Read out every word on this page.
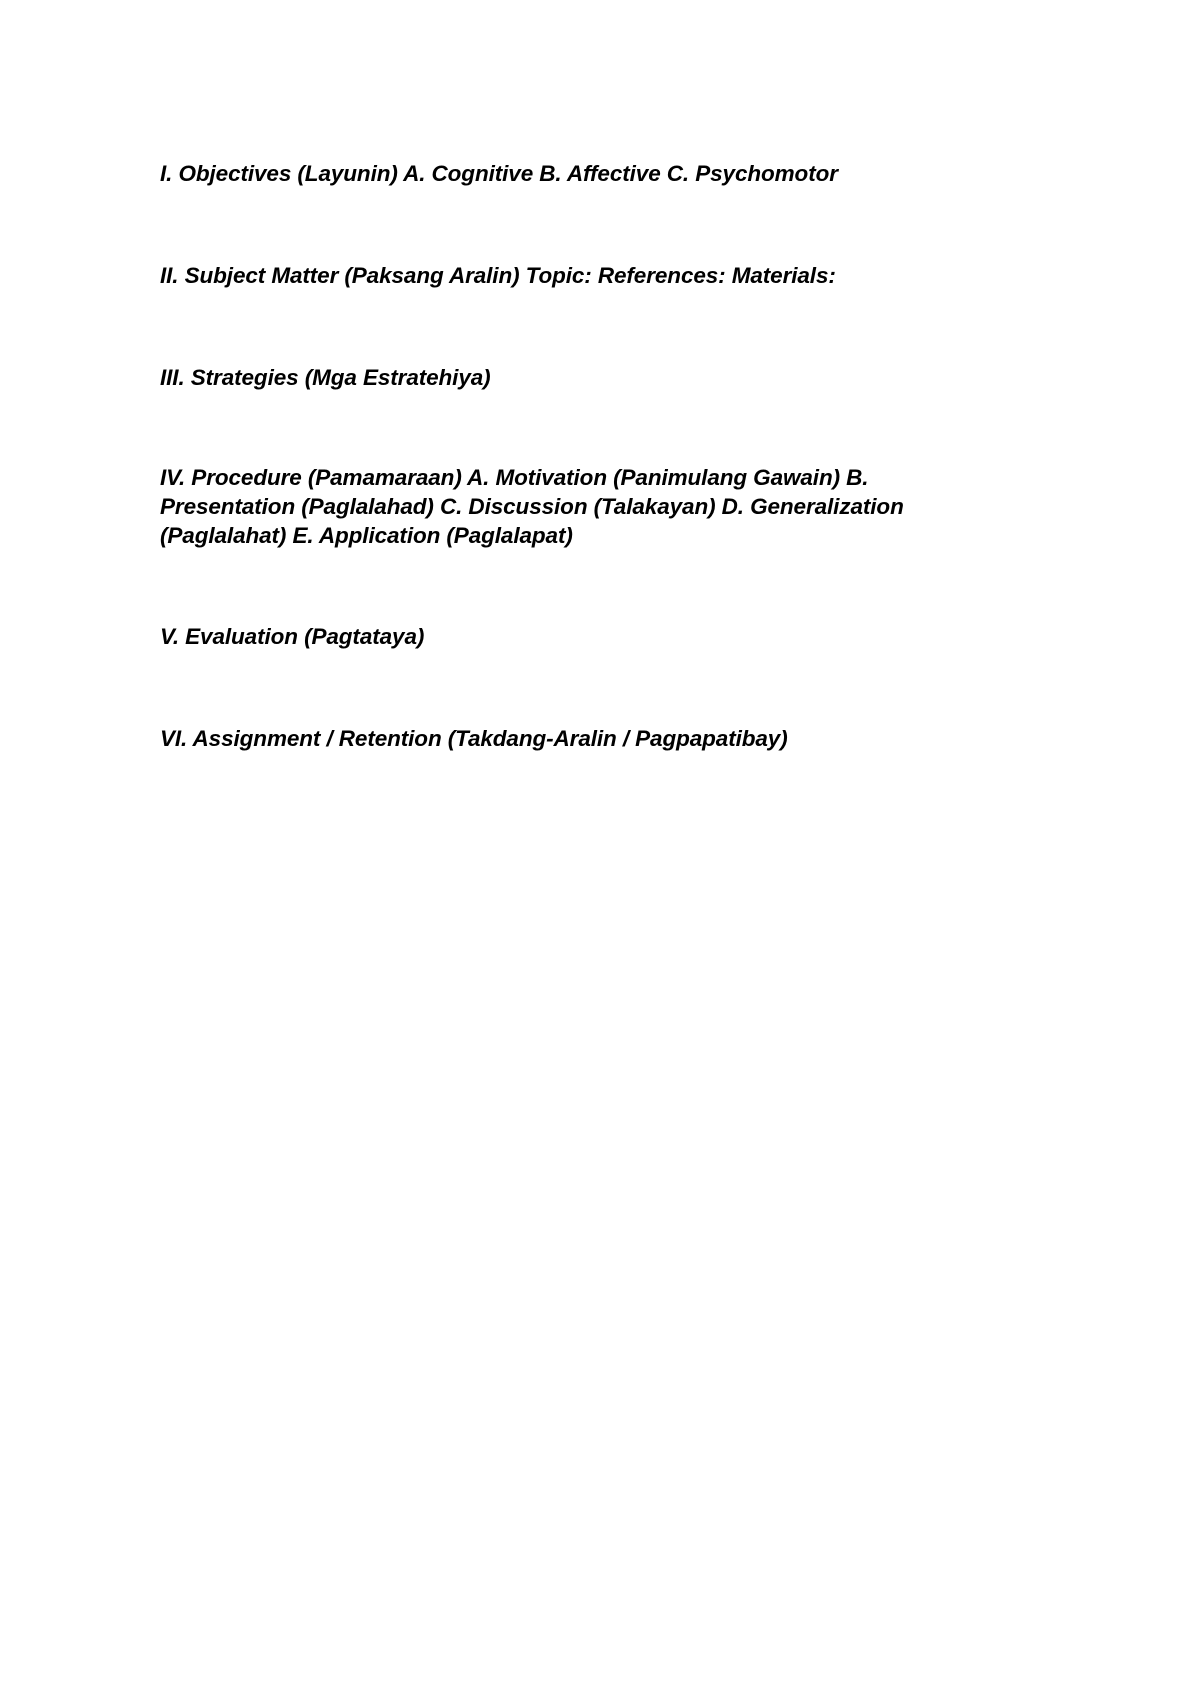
I. Objectives (Layunin) A. Cognitive B. Affective C. Psychomotor

II. Subject Matter (Paksang Aralin) Topic: References: Materials:

III. Strategies (Mga Estratehiya)

IV. Procedure (Pamamaraan) A. Motivation (Panimulang Gawain) B. Presentation (Paglalahad) C. Discussion (Talakayan) D. Generalization (Paglalahat) E. Application (Paglalapat)

V. Evaluation (Pagtataya)

VI. Assignment / Retention (Takdang-Aralin / Pagpapatibay)
